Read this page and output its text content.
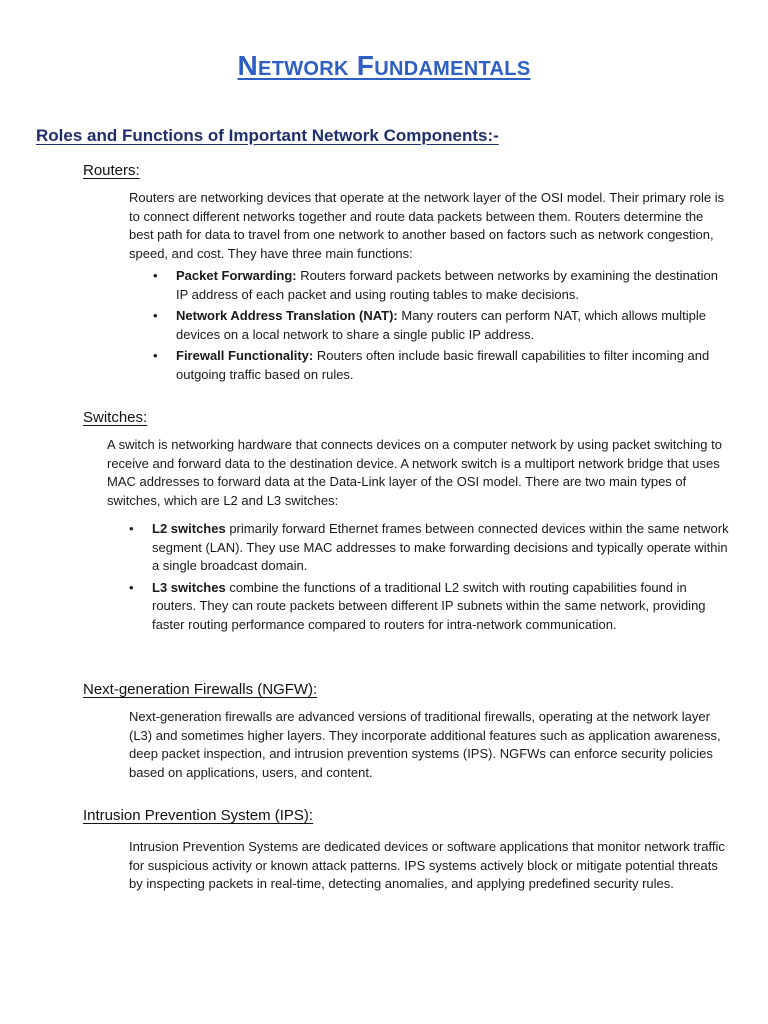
Network Fundamentals
Roles and Functions of Important Network Components:-
Routers:
Routers are networking devices that operate at the network layer of the OSI model. Their primary role is to connect different networks together and route data packets between them. Routers determine the best path for data to travel from one network to another based on factors such as network congestion, speed, and cost. They have three main functions:
• Packet Forwarding: Routers forward packets between networks by examining the destination IP address of each packet and using routing tables to make decisions.
• Network Address Translation (NAT): Many routers can perform NAT, which allows multiple devices on a local network to share a single public IP address.
• Firewall Functionality: Routers often include basic firewall capabilities to filter incoming and outgoing traffic based on rules.
Switches:
A switch is networking hardware that connects devices on a computer network by using packet switching to receive and forward data to the destination device. A network switch is a multiport network bridge that uses MAC addresses to forward data at the Data-Link layer of the OSI model. There are two main types of switches, which are L2 and L3 switches:
• L2 switches primarily forward Ethernet frames between connected devices within the same network segment (LAN). They use MAC addresses to make forwarding decisions and typically operate within a single broadcast domain.
• L3 switches combine the functions of a traditional L2 switch with routing capabilities found in routers. They can route packets between different IP subnets within the same network, providing faster routing performance compared to routers for intra-network communication.
Next-generation Firewalls (NGFW):
Next-generation firewalls are advanced versions of traditional firewalls, operating at the network layer (L3) and sometimes higher layers. They incorporate additional features such as application awareness, deep packet inspection, and intrusion prevention systems (IPS). NGFWs can enforce security policies based on applications, users, and content.
Intrusion Prevention System (IPS):
Intrusion Prevention Systems are dedicated devices or software applications that monitor network traffic for suspicious activity or known attack patterns. IPS systems actively block or mitigate potential threats by inspecting packets in real-time, detecting anomalies, and applying predefined security rules.
